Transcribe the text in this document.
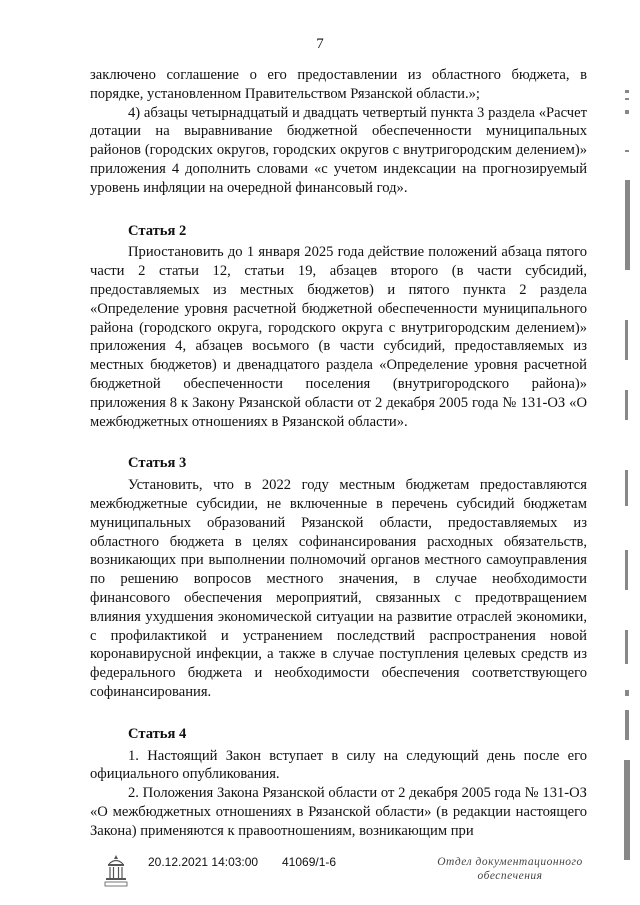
7

заключено соглашение о его предоставлении из областного бюджета, в порядке, установленном Правительством Рязанской области.»;

4) абзацы четырнадцатый и двадцать четвертый пункта 3 раздела «Расчет дотации на выравнивание бюджетной обеспеченности муниципальных районов (городских округов, городских округов с внутригородским делением)» приложения 4 дополнить словами «с учетом индексации на прогнозируемый уровень инфляции на очередной финансовый год».

Статья 2

Приостановить до 1 января 2025 года действие положений абзаца пятого части 2 статьи 12, статьи 19, абзацев второго (в части субсидий, предоставляемых из местных бюджетов) и пятого пункта 2 раздела «Определение уровня расчетной бюджетной обеспеченности муниципального района (городского округа, городского округа с внутригородским делением)» приложения 4, абзацев восьмого (в части субсидий, предоставляемых из местных бюджетов) и двенадцатого раздела «Определение уровня расчетной бюджетной обеспеченности поселения (внутригородского района)» приложения 8 к Закону Рязанской области от 2 декабря 2005 года № 131-ОЗ «О межбюджетных отношениях в Рязанской области».

Статья 3

Установить, что в 2022 году местным бюджетам предоставляются межбюджетные субсидии, не включенные в перечень субсидий бюджетам муниципальных образований Рязанской области, предоставляемых из областного бюджета в целях софинансирования расходных обязательств, возникающих при выполнении полномочий органов местного самоуправления по решению вопросов местного значения, в случае необходимости финансового обеспечения мероприятий, связанных с предотвращением влияния ухудшения экономической ситуации на развитие отраслей экономики, с профилактикой и устранением последствий распространения новой коронавирусной инфекции, а также в случае поступления целевых средств из федерального бюджета и необходимости обеспечения соответствующего софинансирования.

Статья 4

1. Настоящий Закон вступает в силу на следующий день после его официального опубликования.

2. Положения Закона Рязанской области от 2 декабря 2005 года № 131-ОЗ «О межбюджетных отношениях в Рязанской области» (в редакции настоящего Закона) применяются к правоотношениям, возникающим при

20.12.2021 14:03:00 41069/1-6	Отдел документационного
обеспечения
